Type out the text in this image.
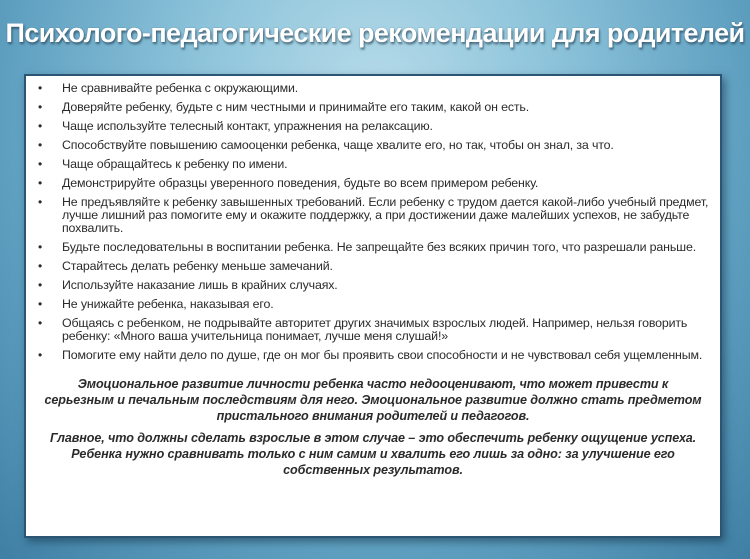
Психолого-педагогические рекомендации для родителей
• Не сравнивайте ребенка с окружающими.
• Доверяйте ребенку, будьте с ним честными и принимайте его таким, какой он есть.
• Чаще используйте телесный контакт, упражнения на релаксацию.
• Способствуйте повышению самооценки ребенка, чаще хвалите его, но так, чтобы он знал, за что.
• Чаще обращайтесь к ребенку по имени.
• Демонстрируйте образцы уверенного поведения, будьте во всем примером ребенку.
• Не предъявляйте к ребенку завышенных требований. Если ребенку с трудом дается какой-либо учебный предмет, лучше лишний раз помогите ему и окажите поддержку, а при достижении даже малейших успехов, не забудьте похвалить.
• Будьте последовательны в воспитании ребенка. Не запрещайте без всяких причин того, что разрешали раньше.
• Старайтесь делать ребенку меньше замечаний.
• Используйте наказание лишь в крайних случаях.
• Не унижайте ребенка, наказывая его.
• Общаясь с ребенком, не подрывайте авторитет других значимых взрослых людей. Например, нельзя говорить ребенку: «Много ваша учительница понимает, лучше меня слушай!»
• Помогите ему найти дело по душе, где он мог бы проявить свои способности и не чувствовал себя ущемленным.

Эмоциональное развитие личности ребенка часто недооценивают, что может привести к серьезным и печальным последствиям для него. Эмоциональное развитие должно стать предметом пристального внимания родителей и педагогов.

Главное, что должны сделать взрослые в этом случае – это обеспечить ребенку ощущение успеха. Ребенка нужно сравнивать только с ним самим и хвалить его лишь за одно: за улучшение его собственных результатов.
